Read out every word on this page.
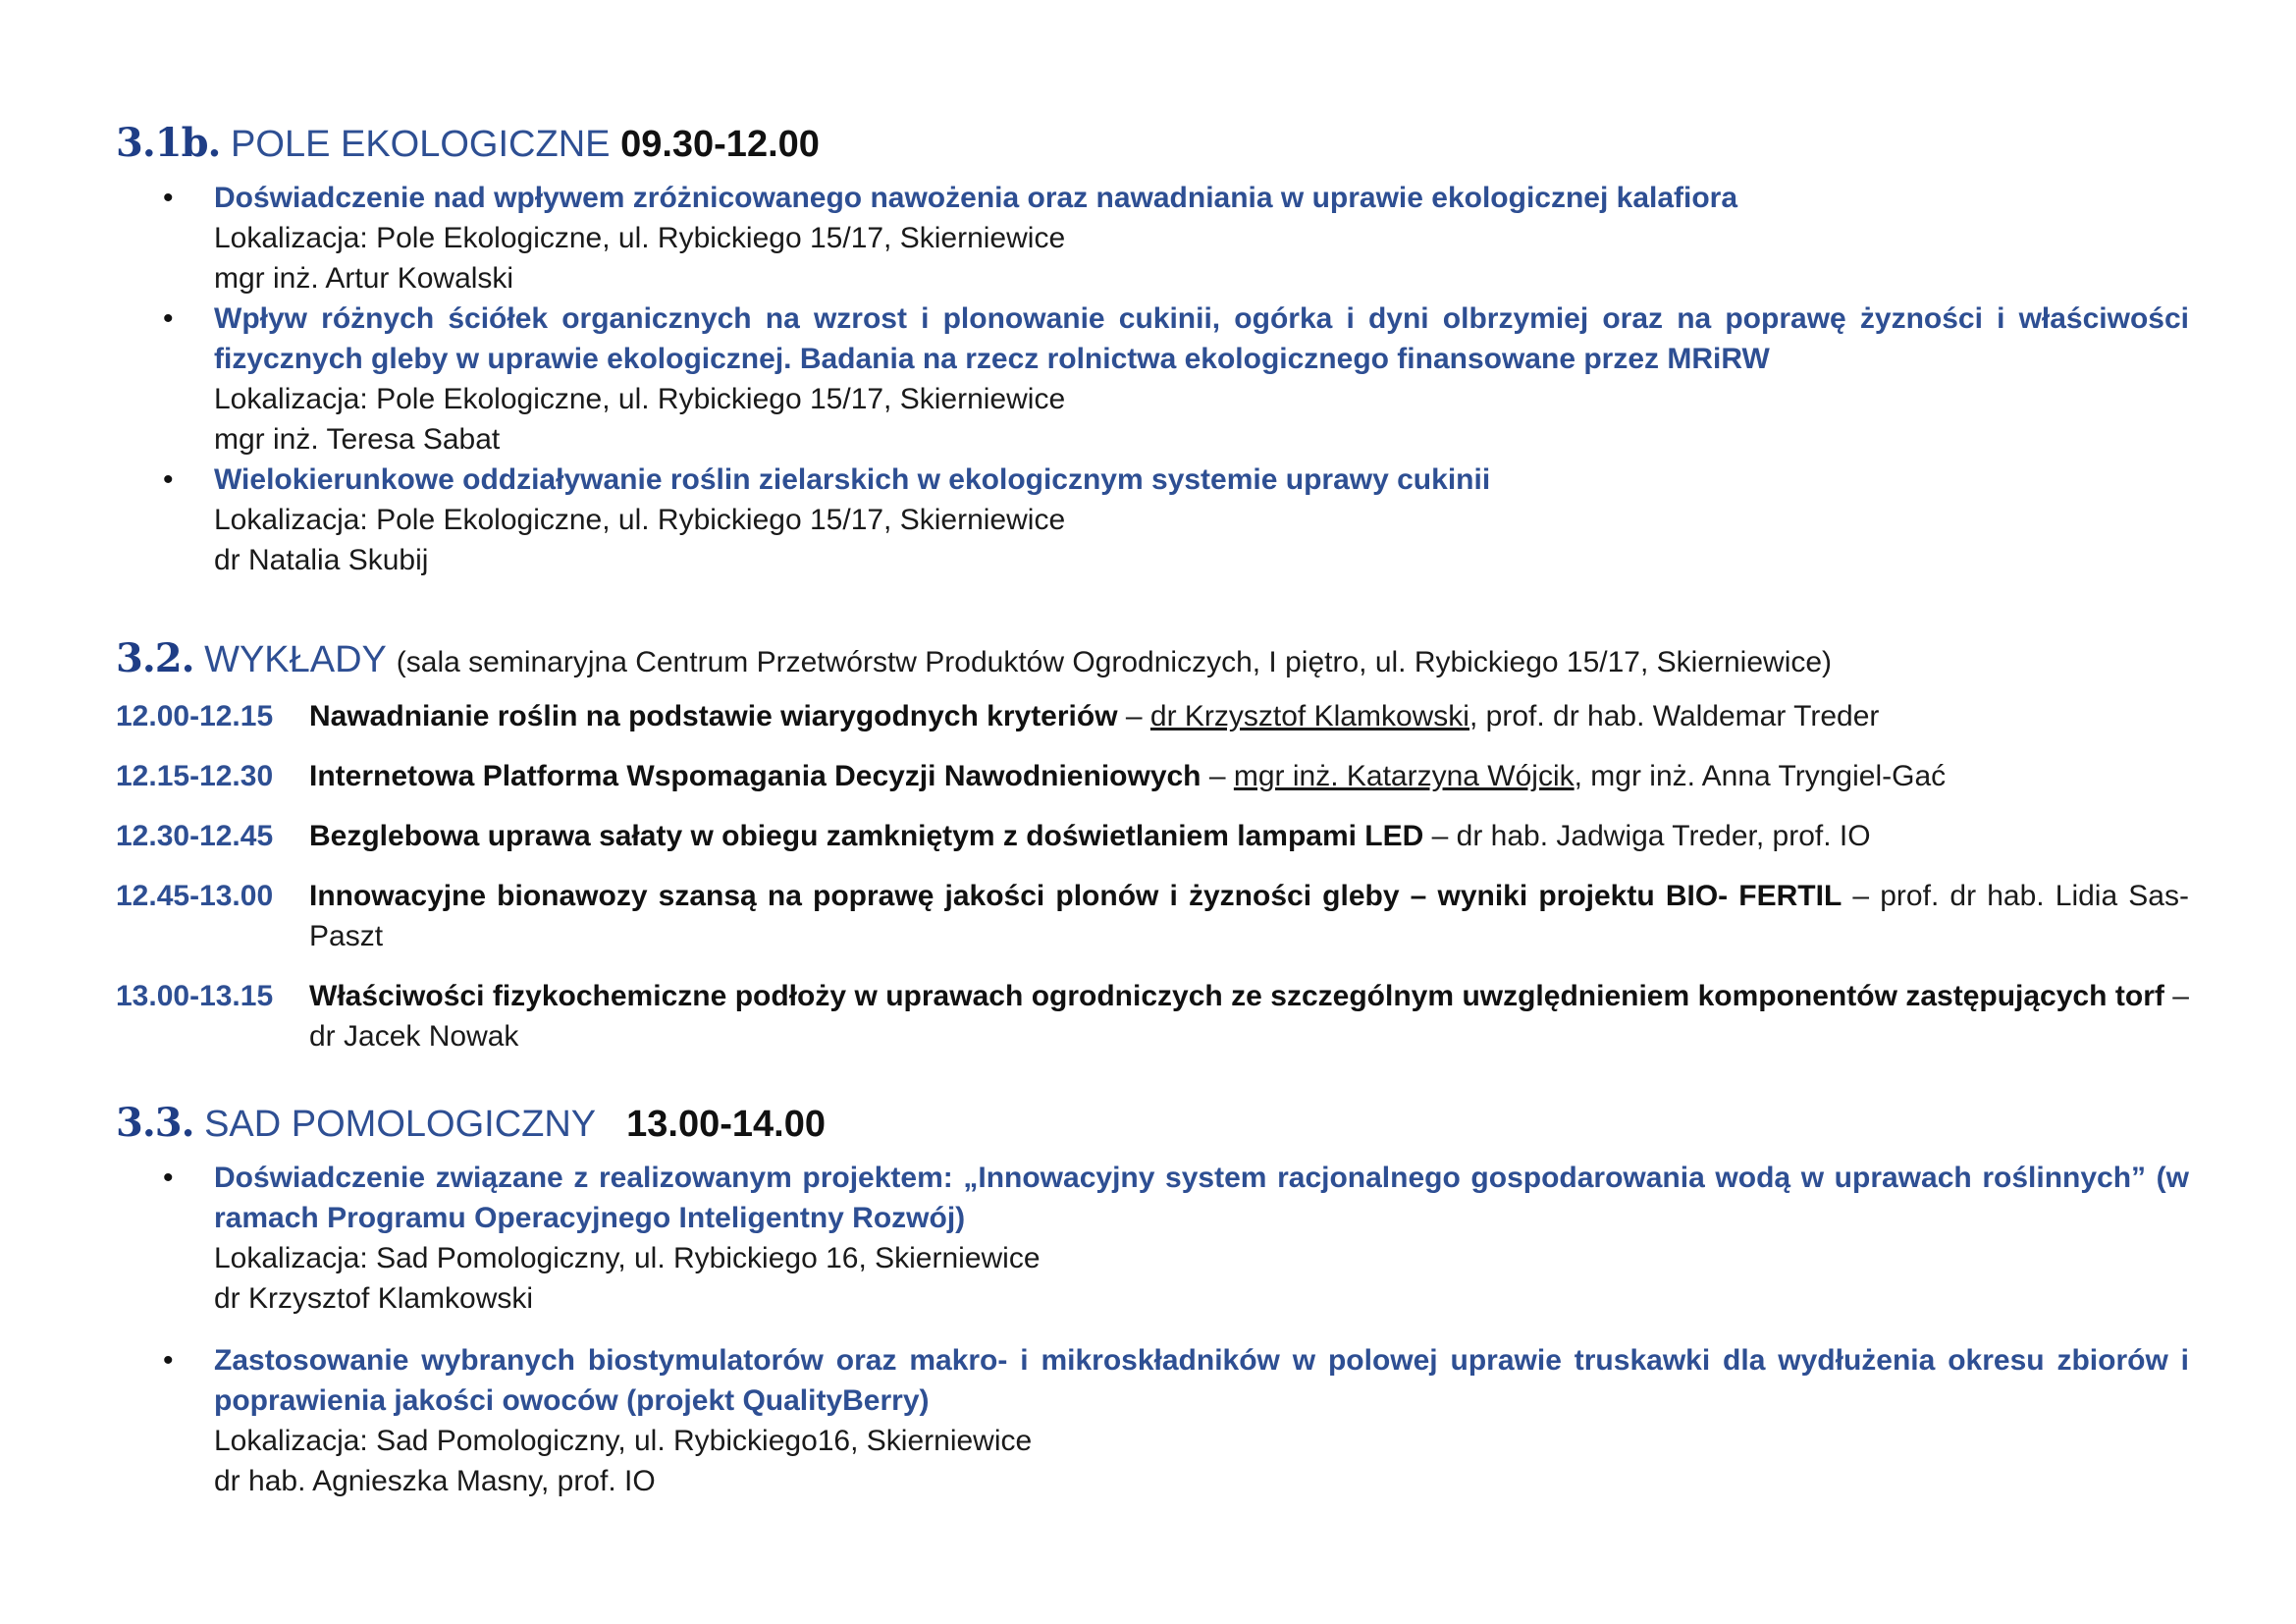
3.1b. POLE EKOLOGICZNE 09.30-12.00
• Doświadczenie nad wpływem zróżnicowanego nawożenia oraz nawadniania w uprawie ekologicznej kalafiora
Lokalizacja: Pole Ekologiczne, ul. Rybickiego 15/17, Skierniewice
mgr inż. Artur Kowalski
• Wpływ różnych ściółek organicznych na wzrost i plonowanie cukinii, ogórka i dyni olbrzymiej oraz na poprawę żyzności i właściwości fizycznych gleby w uprawie ekologicznej. Badania na rzecz rolnictwa ekologicznego finansowane przez MRiRW
Lokalizacja: Pole Ekologiczne, ul. Rybickiego 15/17, Skierniewice
mgr inż. Teresa Sabat
• Wielokierunkowe oddziaływanie roślin zielarskich w ekologicznym systemie uprawy cukinii
Lokalizacja: Pole Ekologiczne, ul. Rybickiego 15/17, Skierniewice
dr Natalia Skubij
3.2. WYKŁADY (sala seminaryjna Centrum Przetwórstw Produktów Ogrodniczych, I piętro, ul. Rybickiego 15/17, Skierniewice)
12.00-12.15	Nawadnianie roślin na podstawie wiarygodnych kryteriów – dr Krzysztof Klamkowski, prof. dr hab. Waldemar Treder
12.15-12.30	Internetowa Platforma Wspomagania Decyzji Nawodnieniowych – mgr inż. Katarzyna Wójcik, mgr inż. Anna Tryngiel-Gać
12.30-12.45	Bezglebowa uprawa sałaty w obiegu zamkniętym z doświetlaniem lampami LED – dr hab. Jadwiga Treder, prof. IO
12.45-13.00	Innowacyjne bionawozy szansą na poprawę jakości plonów i żyzności gleby – wyniki projektu BIO- FERTIL – prof. dr hab. Lidia Sas-Paszt
13.00-13.15	Właściwości fizykochemiczne podłoży w uprawach ogrodniczych ze szczególnym uwzględnieniem komponentów zastępujących torf – dr Jacek Nowak
3.3. SAD POMOLOGICZNY 13.00-14.00
• Doświadczenie związane z realizowanym projektem: „Innowacyjny system racjonalnego gospodarowania wodą w uprawach roślinnych” (w ramach Programu Operacyjnego Inteligentny Rozwój)
Lokalizacja: Sad Pomologiczny, ul. Rybickiego 16, Skierniewice
dr Krzysztof Klamkowski
• Zastosowanie wybranych biostymulatorów oraz makro- i mikroskładników w polowej uprawie truskawki dla wydłużenia okresu zbiorów i poprawienia jakości owoców (projekt QualityBerry)
Lokalizacja: Sad Pomologiczny, ul. Rybickiego16, Skierniewice
dr hab. Agnieszka Masny, prof. IO
